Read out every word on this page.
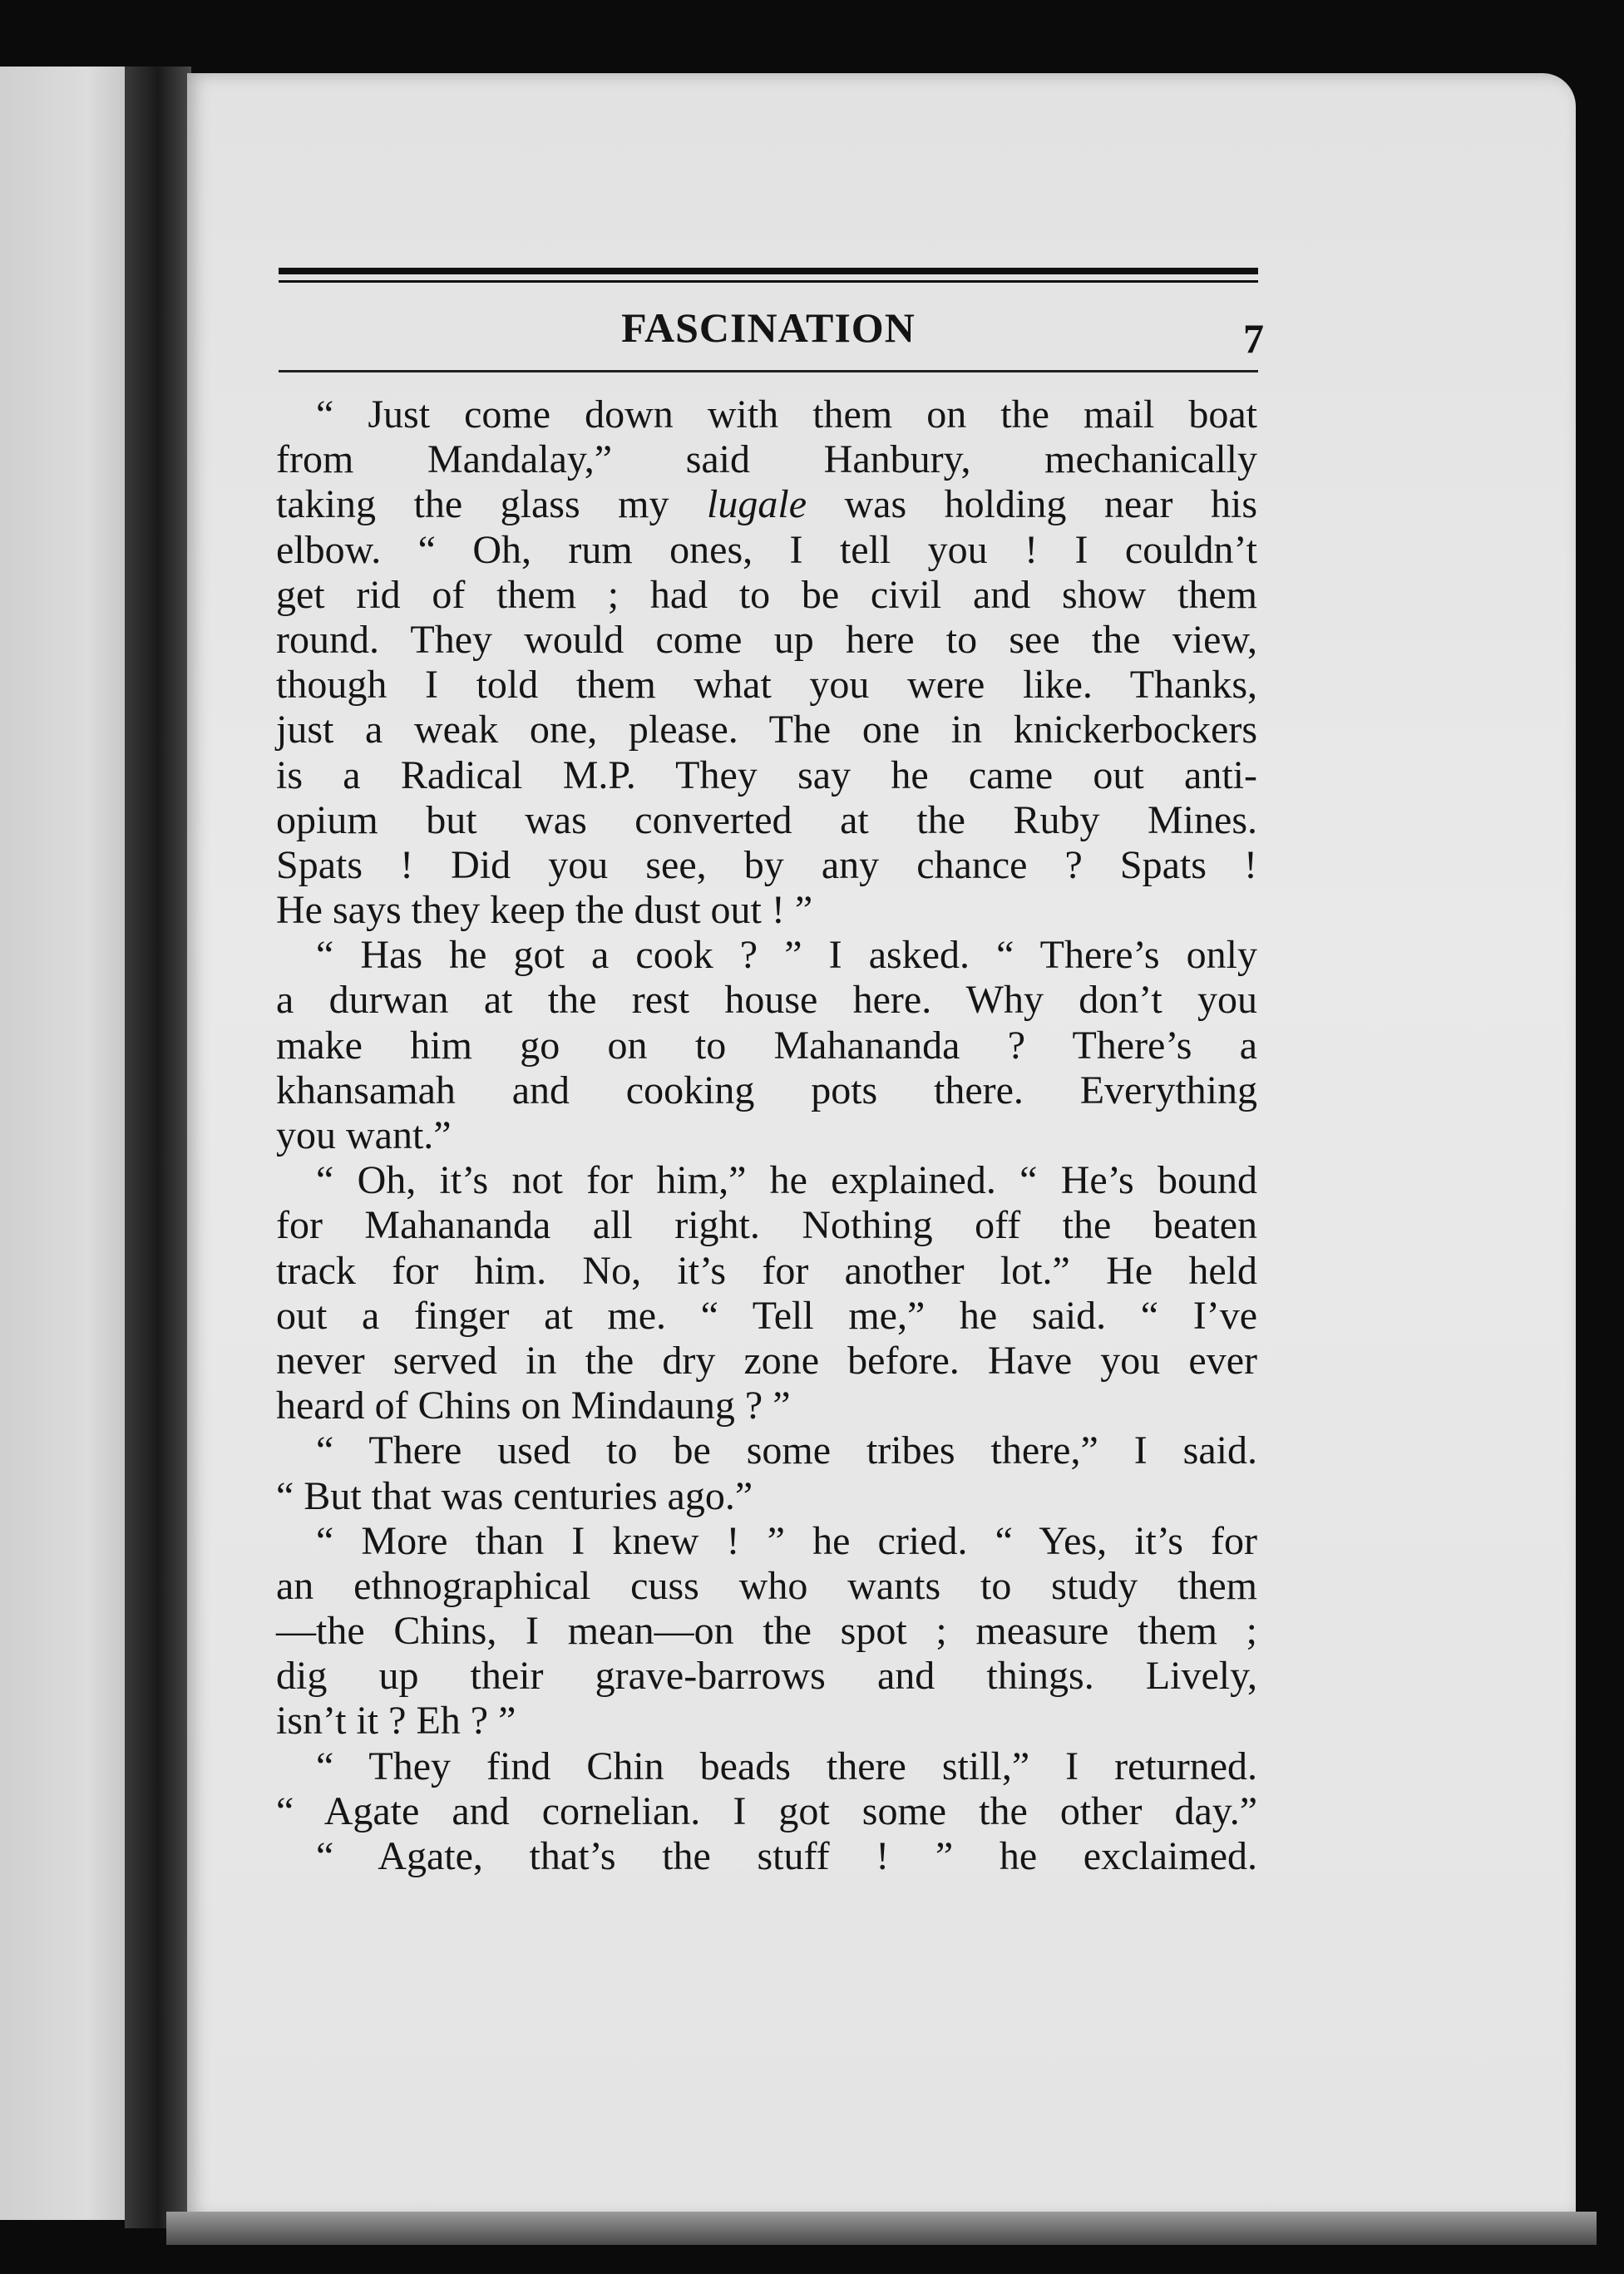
FASCINATION	7
“ Just come down with them on the mail boat
from Mandalay,” said Hanbury, mechanically
taking the glass my lugale was holding near his
elbow. “ Oh, rum ones, I tell you ! I couldn’t
get rid of them ; had to be civil and show them
round. They would come up here to see the view,
though I told them what you were like. Thanks,
just a weak one, please. The one in knickerbockers
is a Radical M.P. They say he came out anti-
opium but was converted at the Ruby Mines.
Spats ! Did you see, by any chance ? Spats !
He says they keep the dust out ! ”
“ Has he got a cook ? ” I asked. “ There’s only
a durwan at the rest house here. Why don’t you
make him go on to Mahananda ? There’s a
khansamah and cooking pots there. Everything
you want.”
“ Oh, it’s not for him,” he explained. “ He’s bound
for Mahananda all right. Nothing off the beaten
track for him. No, it’s for another lot.” He held
out a finger at me. “ Tell me,” he said. “ I’ve
never served in the dry zone before. Have you ever
heard of Chins on Mindaung ? ”
“ There used to be some tribes there,” I said.
“ But that was centuries ago.”
“ More than I knew ! ” he cried. “ Yes, it’s for
an ethnographical cuss who wants to study them
—the Chins, I mean—on the spot ; measure them ;
dig up their grave-barrows and things. Lively,
isn’t it ? Eh ? ”
“ They find Chin beads there still,” I returned.
“ Agate and cornelian. I got some the other day.”
“ Agate, that’s the stuff ! ” he exclaimed.
